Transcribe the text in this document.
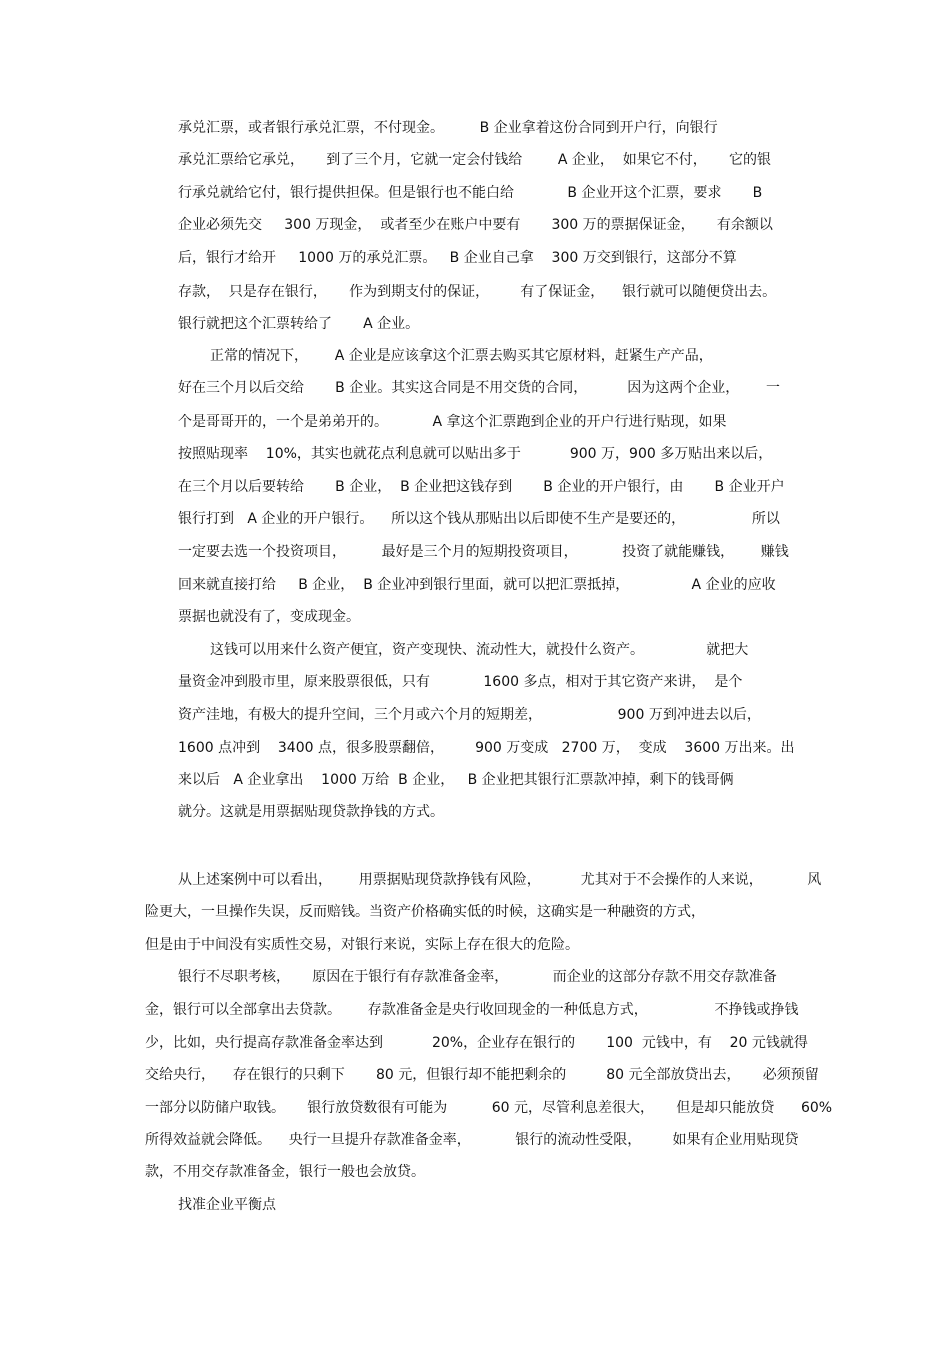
承兑汇票，或者银行承兑汇票，不付现金。        B 企业拿着这份合同到开户行，向银行

承兑汇票给它承兑，     到了三个月，它就一定会付钱给        A 企业，  如果它不付，     它的银

行承兑就给它付，银行提供担保。但是银行也不能白给            B 企业开这个汇票，要求       B

企业必须先交     300 万现金，  或者至少在账户中要有       300 万的票据保证金，     有余额以

后，银行才给开     1000 万的承兑汇票。   B 企业自己拿    300 万交到银行，这部分不算

存款，  只是存在银行，     作为到期支付的保证，       有了保证金，    银行就可以随便贷出去。

银行就把这个汇票转给了       A 企业。

正常的情况下，      A 企业是应该拿这个汇票去购买其它原材料，赶紧生产产品，

好在三个月以后交给       B 企业。其实这合同是不用交货的合同，         因为这两个企业，      一

个是哥哥开的，一个是弟弟开的。          A 拿这个汇票跑到企业的开户行进行贴现，如果

按照贴现率    10%，其实也就花点利息就可以贴出多于           900 万，900 多万贴出来以后，

在三个月以后要转给       B 企业，  B 企业把这钱存到       B 企业的开户银行，由       B 企业开户

银行打到   A 企业的开户银行。    所以这个钱从那贴出以后即使不生产是要还的，               所以

一定要去选一个投资项目，        最好是三个月的短期投资项目，          投资了就能赚钱，      赚钱

回来就直接打给     B 企业，  B 企业冲到银行里面，就可以把汇票抵掉，              A 企业的应收

票据也就没有了，变成现金。

这钱可以用来什么资产便宜，资产变现快、流动性大，就投什么资产。              就把大

量资金冲到股市里，原来股票很低，只有            1600 多点，相对于其它资产来讲，  是个

资产洼地，有极大的提升空间，三个月或六个月的短期差，                 900 万到冲进去以后，

1600 点冲到    3400 点，很多股票翻倍，       900 万变成   2700 万，  变成    3600 万出来。出

来以后   A 企业拿出    1000 万给  B 企业，   B 企业把其银行汇票款冲掉，剩下的钱哥俩

就分。这就是用票据贴现贷款挣钱的方式。

从上述案例中可以看出，      用票据贴现贷款挣钱有风险，         尤其对于不会操作的人来说，          风

险更大，一旦操作失误，反而赔钱。当资产价格确实低的时候，这确实是一种融资的方式，

但是由于中间没有实质性交易，对银行来说，实际上存在很大的危险。

银行不尽职考核，     原因在于银行有存款准备金率，          而企业的这部分存款不用交存款准备

金，银行可以全部拿出去贷款。      存款准备金是央行收回现金的一种低息方式，               不挣钱或挣钱

少，比如，央行提高存款准备金率达到           20%，企业存在银行的       100  元钱中，有    20 元钱就得

交给央行，    存在银行的只剩下       80 元，但银行却不能把剩余的         80 元全部放贷出去，     必须预留

一部分以防储户取钱。     银行放贷数很有可能为          60 元，尽管利息差很大，     但是却只能放贷      60%

所得效益就会降低。    央行一旦提升存款准备金率，          银行的流动性受限，       如果有企业用贴现贷

款，不用交存款准备金，银行一般也会放贷。

找准企业平衡点
